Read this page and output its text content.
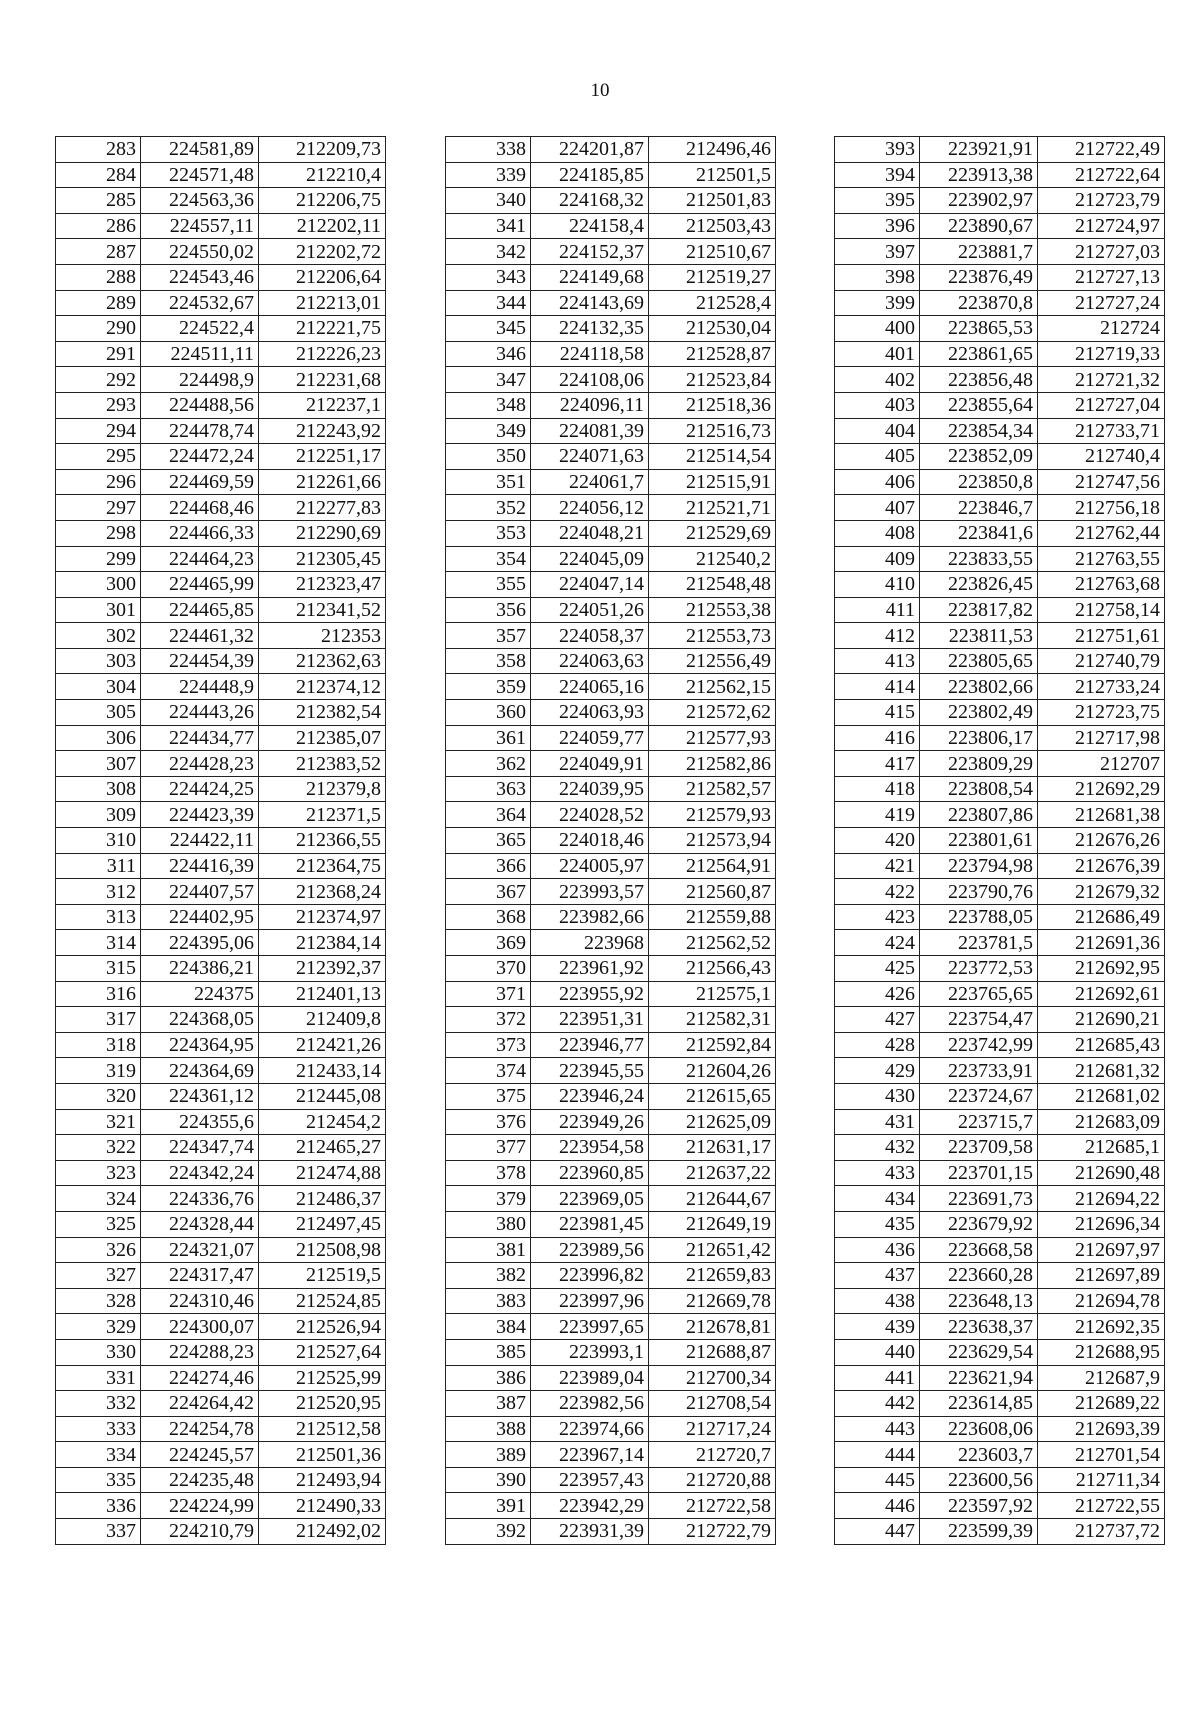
10
283	224581,89	212209,73
284	224571,48	212210,4
285	224563,36	212206,75
286	224557,11	212202,11
287	224550,02	212202,72
288	224543,46	212206,64
289	224532,67	212213,01
290	224522,4	212221,75
291	224511,11	212226,23
292	224498,9	212231,68
293	224488,56	212237,1
294	224478,74	212243,92
295	224472,24	212251,17
296	224469,59	212261,66
297	224468,46	212277,83
298	224466,33	212290,69
299	224464,23	212305,45
300	224465,99	212323,47
301	224465,85	212341,52
302	224461,32	212353
303	224454,39	212362,63
304	224448,9	212374,12
305	224443,26	212382,54
306	224434,77	212385,07
307	224428,23	212383,52
308	224424,25	212379,8
309	224423,39	212371,5
310	224422,11	212366,55
311	224416,39	212364,75
312	224407,57	212368,24
313	224402,95	212374,97
314	224395,06	212384,14
315	224386,21	212392,37
316	224375	212401,13
317	224368,05	212409,8
318	224364,95	212421,26
319	224364,69	212433,14
320	224361,12	212445,08
321	224355,6	212454,2
322	224347,74	212465,27
323	224342,24	212474,88
324	224336,76	212486,37
325	224328,44	212497,45
326	224321,07	212508,98
327	224317,47	212519,5
328	224310,46	212524,85
329	224300,07	212526,94
330	224288,23	212527,64
331	224274,46	212525,99
332	224264,42	212520,95
333	224254,78	212512,58
334	224245,57	212501,36
335	224235,48	212493,94
336	224224,99	212490,33
337	224210,79	212492,02
338	224201,87	212496,46
339	224185,85	212501,5
340	224168,32	212501,83
341	224158,4	212503,43
342	224152,37	212510,67
343	224149,68	212519,27
344	224143,69	212528,4
345	224132,35	212530,04
346	224118,58	212528,87
347	224108,06	212523,84
348	224096,11	212518,36
349	224081,39	212516,73
350	224071,63	212514,54
351	224061,7	212515,91
352	224056,12	212521,71
353	224048,21	212529,69
354	224045,09	212540,2
355	224047,14	212548,48
356	224051,26	212553,38
357	224058,37	212553,73
358	224063,63	212556,49
359	224065,16	212562,15
360	224063,93	212572,62
361	224059,77	212577,93
362	224049,91	212582,86
363	224039,95	212582,57
364	224028,52	212579,93
365	224018,46	212573,94
366	224005,97	212564,91
367	223993,57	212560,87
368	223982,66	212559,88
369	223968	212562,52
370	223961,92	212566,43
371	223955,92	212575,1
372	223951,31	212582,31
373	223946,77	212592,84
374	223945,55	212604,26
375	223946,24	212615,65
376	223949,26	212625,09
377	223954,58	212631,17
378	223960,85	212637,22
379	223969,05	212644,67
380	223981,45	212649,19
381	223989,56	212651,42
382	223996,82	212659,83
383	223997,96	212669,78
384	223997,65	212678,81
385	223993,1	212688,87
386	223989,04	212700,34
387	223982,56	212708,54
388	223974,66	212717,24
389	223967,14	212720,7
390	223957,43	212720,88
391	223942,29	212722,58
392	223931,39	212722,79
393	223921,91	212722,49
394	223913,38	212722,64
395	223902,97	212723,79
396	223890,67	212724,97
397	223881,7	212727,03
398	223876,49	212727,13
399	223870,8	212727,24
400	223865,53	212724
401	223861,65	212719,33
402	223856,48	212721,32
403	223855,64	212727,04
404	223854,34	212733,71
405	223852,09	212740,4
406	223850,8	212747,56
407	223846,7	212756,18
408	223841,6	212762,44
409	223833,55	212763,55
410	223826,45	212763,68
411	223817,82	212758,14
412	223811,53	212751,61
413	223805,65	212740,79
414	223802,66	212733,24
415	223802,49	212723,75
416	223806,17	212717,98
417	223809,29	212707
418	223808,54	212692,29
419	223807,86	212681,38
420	223801,61	212676,26
421	223794,98	212676,39
422	223790,76	212679,32
423	223788,05	212686,49
424	223781,5	212691,36
425	223772,53	212692,95
426	223765,65	212692,61
427	223754,47	212690,21
428	223742,99	212685,43
429	223733,91	212681,32
430	223724,67	212681,02
431	223715,7	212683,09
432	223709,58	212685,1
433	223701,15	212690,48
434	223691,73	212694,22
435	223679,92	212696,34
436	223668,58	212697,97
437	223660,28	212697,89
438	223648,13	212694,78
439	223638,37	212692,35
440	223629,54	212688,95
441	223621,94	212687,9
442	223614,85	212689,22
443	223608,06	212693,39
444	223603,7	212701,54
445	223600,56	212711,34
446	223597,92	212722,55
447	223599,39	212737,72
